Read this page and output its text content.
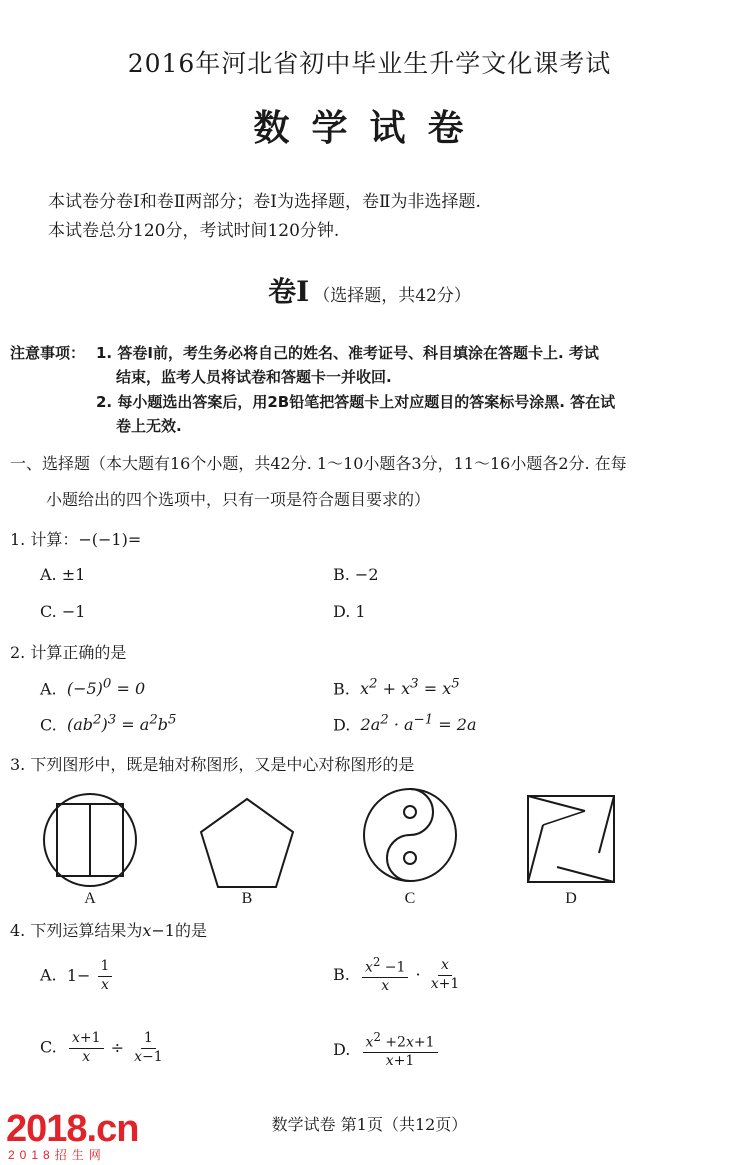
2016年河北省初中毕业生升学文化课考试
数学试卷
本试卷分卷Ⅰ和卷Ⅱ两部分；卷Ⅰ为选择题，卷Ⅱ为非选择题.
本试卷总分120分，考试时间120分钟.
卷Ⅰ （选择题，共42分）
注意事项： 1. 答卷Ⅰ前，考生务必将自己的姓名、准考证号、科目填涂在答题卡上. 考试
结束，监考人员将试卷和答题卡一并收回.
2. 每小题选出答案后，用2B铅笔把答题卡上对应题目的答案标号涂黑. 答在试
卷上无效.
一、选择题（本大题有16个小题，共42分. 1～10小题各3分，11～16小题各2分. 在每
小题给出的四个选项中，只有一项是符合题目要求的）
1. 计算：−(−1)=
A. ±1	B. −2
C. −1	D. 1
2. 计算正确的是
A.  $(-5)^0 = 0$	B.  $x^2 + x^3 = x^5$
C.  $(ab^2)^3 = a^2b^5$	D.  $2a^2 \cdot a^{-1} = 2a$
3. 下列图形中，既是轴对称图形，又是中心对称图形的是
A	B	C	D
4. 下列运算结果为x−1的是
A.  $1- \frac{1}{x}$	B. $\frac{x^2 -1}{x} \cdot \frac{x}{x+1}$
C. $\frac{x+1}{x} \div \frac{1}{x-1}$	D. $\frac{x^2 +2x+1}{x+1}$
数学试卷 第1页（共12页）
2018.cn
2018招生网
